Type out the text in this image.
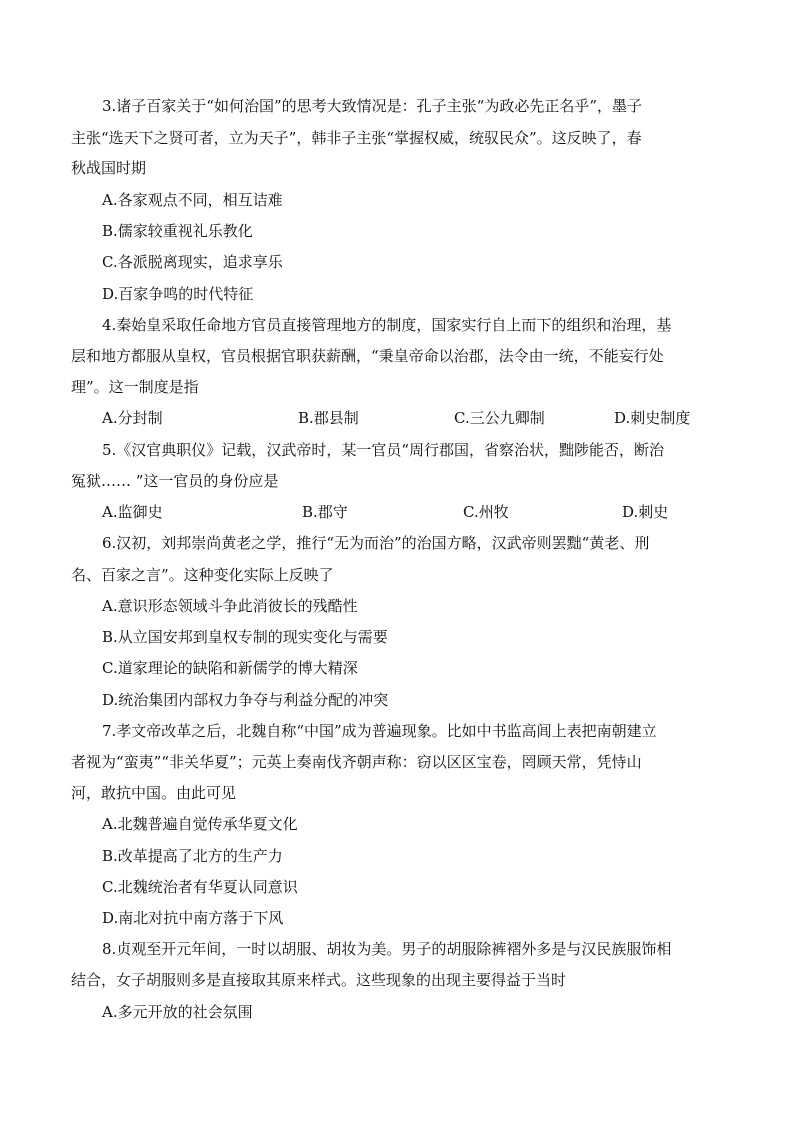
3.诸子百家关于“如何治国”的思考大致情况是：孔子主张“为政必先正名乎”，墨子
主张“选天下之贤可者，立为天子”，韩非子主张“掌握权威，统驭民众”。这反映了，春
秋战国时期
A.各家观点不同，相互诘难
B.儒家较重视礼乐教化
C.各派脱离现实，追求享乐
D.百家争鸣的时代特征
4.秦始皇采取任命地方官员直接管理地方的制度，国家实行自上而下的组织和治理，基
层和地方都服从皇权，官员根据官职获薪酬，“秉皇帝命以治郡，法令由一统，不能妄行处
理”。这一制度是指
A.分封制	B.郡县制	C.三公九卿制	D.刺史制度
5.《汉官典职仪》记载，汉武帝时，某一官员“周行郡国，省察治状，黜陟能否，断治
冤狱…… ”这一官员的身份应是
A.监御史	B.郡守	C.州牧	D.刺史
6.汉初，刘邦崇尚黄老之学，推行“无为而治”的治国方略，汉武帝则罢黜“黄老、刑
名、百家之言”。这种变化实际上反映了
A.意识形态领域斗争此消彼长的残酷性
B.从立国安邦到皇权专制的现实变化与需要
C.道家理论的缺陷和新儒学的博大精深
D.统治集团内部权力争夺与利益分配的冲突
7.孝文帝改革之后，北魏自称“中国”成为普遍现象。比如中书监高闾上表把南朝建立
者视为“蛮夷”“非关华夏”；元英上奏南伐齐朝声称：窃以区区宝卷，罔顾天常，凭恃山
河，敢抗中国。由此可见
A.北魏普遍自觉传承华夏文化
B.改革提高了北方的生产力
C.北魏统治者有华夏认同意识
D.南北对抗中南方落于下风
8.贞观至开元年间，一时以胡服、胡妆为美。男子的胡服除裤褶外多是与汉民族服饰相
结合，女子胡服则多是直接取其原来样式。这些现象的出现主要得益于当时
A.多元开放的社会氛围
